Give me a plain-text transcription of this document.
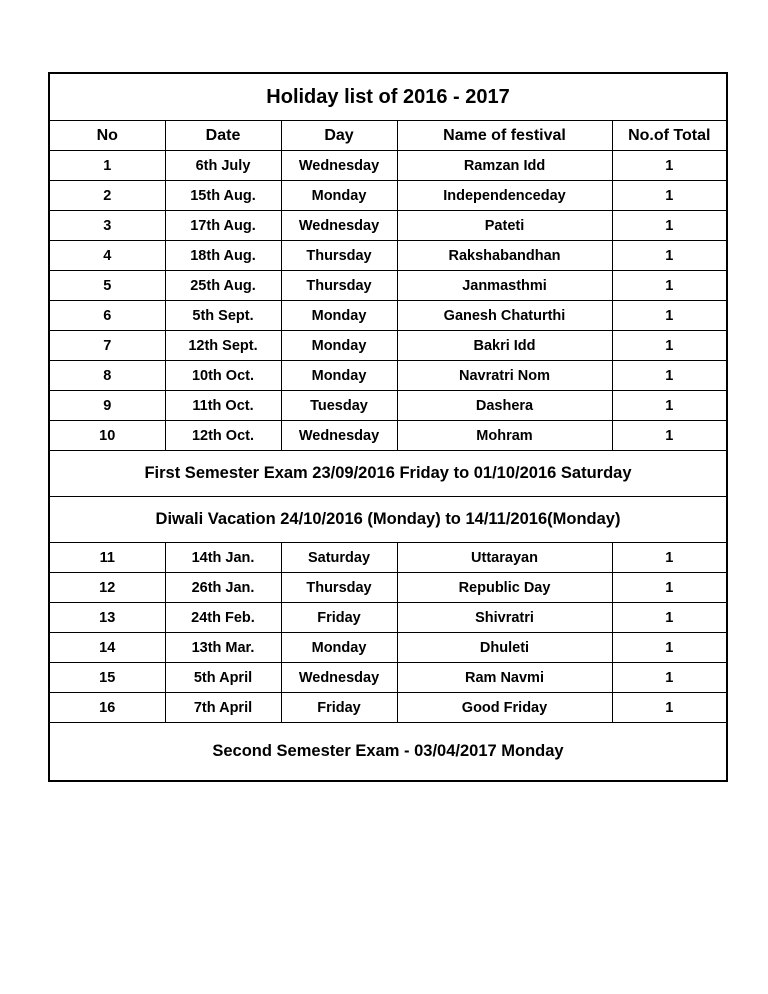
Holiday list of 2016 - 2017				
No	Date	Day	Name of festival	No.of Total
1	6th July	Wednesday	Ramzan Idd	1
2	15th Aug.	Monday	Independenceday	1
3	17th Aug.	Wednesday	Pateti	1
4	18th Aug.	Thursday	Rakshabandhan	1
5	25th Aug.	Thursday	Janmasthmi	1
6	5th Sept.	Monday	Ganesh Chaturthi	1
7	12th Sept.	Monday	Bakri Idd	1
8	10th Oct.	Monday	Navratri Nom	1
9	11th Oct.	Tuesday	Dashera	1
10	12th Oct.	Wednesday	Mohram	1
First Semester Exam 23/09/2016 Friday to 01/10/2016 Saturday				
Diwali Vacation 24/10/2016 (Monday) to 14/11/2016(Monday)				
11	14th Jan.	Saturday	Uttarayan	1
12	26th Jan.	Thursday	Republic Day	1
13	24th Feb.	Friday	Shivratri	1
14	13th Mar.	Monday	Dhuleti	1
15	5th April	Wednesday	Ram Navmi	1
16	7th April	Friday	Good Friday	1
Second Semester Exam - 03/04/2017 Monday				
